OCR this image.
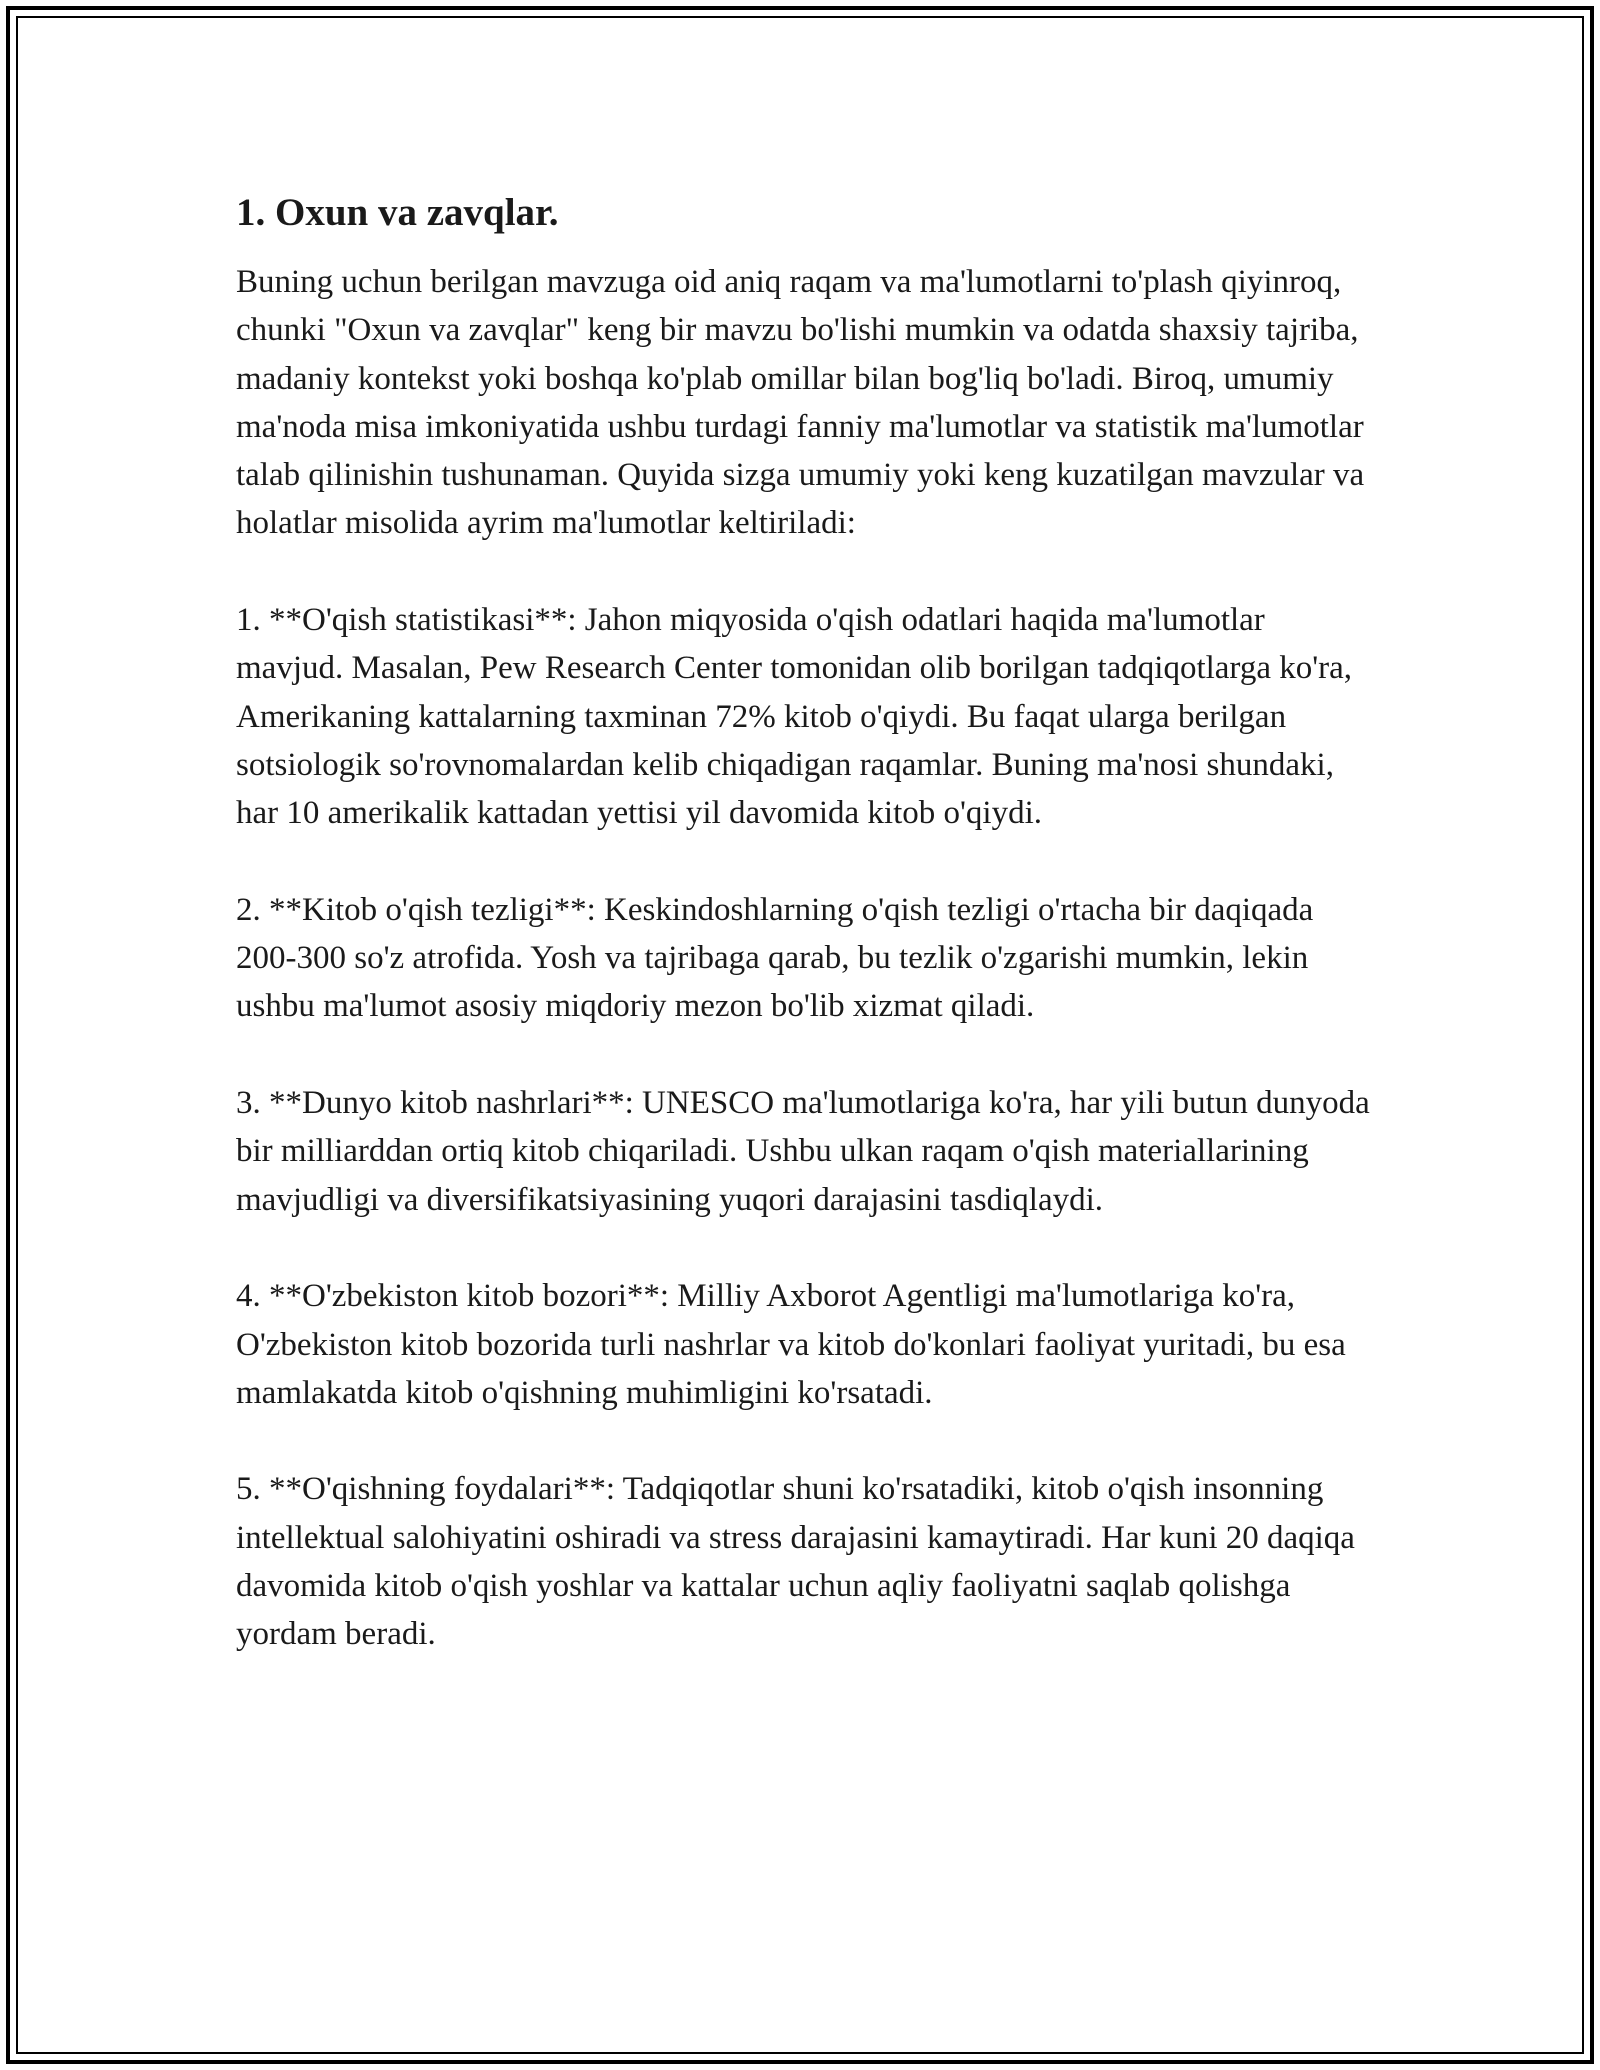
1. Oxun va zavqlar.

Buning uchun berilgan mavzuga oid aniq raqam va ma'lumotlarni to'plash qiyinroq, chunki "Oxun va zavqlar" keng bir mavzu bo'lishi mumkin va odatda shaxsiy tajriba, madaniy kontekst yoki boshqa ko'plab omillar bilan bog'liq bo'ladi. Biroq, umumiy ma'noda misa imkoniyatida ushbu turdagi fanniy ma'lumotlar va statistik ma'lumotlar talab qilinishin tushunaman. Quyida sizga umumiy yoki keng kuzatilgan mavzular va holatlar misolida ayrim ma'lumotlar keltiriladi:

1. **O'qish statistikasi**: Jahon miqyosida o'qish odatlari haqida ma'lumotlar mavjud. Masalan, Pew Research Center tomonidan olib borilgan tadqiqotlarga ko'ra, Amerikaning kattalarning taxminan 72% kitob o'qiydi. Bu faqat ularga berilgan sotsiologik so'rovnomalardan kelib chiqadigan raqamlar. Buning ma'nosi shundaki, har 10 amerikalik kattadan yettisi yil davomida kitob o'qiydi.

2. **Kitob o'qish tezligi**: Keskindoshlarning o'qish tezligi o'rtacha bir daqiqada 200-300 so'z atrofida. Yosh va tajribaga qarab, bu tezlik o'zgarishi mumkin, lekin ushbu ma'lumot asosiy miqdoriy mezon bo'lib xizmat qiladi.

3. **Dunyo kitob nashrlari**: UNESCO ma'lumotlariga ko'ra, har yili butun dunyoda bir milliarddan ortiq kitob chiqariladi. Ushbu ulkan raqam o'qish materiallarining mavjudligi va diversifikatsiyasining yuqori darajasini tasdiqlaydi.

4. **O'zbekiston kitob bozori**: Milliy Axborot Agentligi ma'lumotlariga ko'ra, O'zbekiston kitob bozorida turli nashrlar va kitob do'konlari faoliyat yuritadi, bu esa mamlakatda kitob o'qishning muhimligini ko'rsatadi.

5. **O'qishning foydalari**: Tadqiqotlar shuni ko'rsatadiki, kitob o'qish insonning intellektual salohiyatini oshiradi va stress darajasini kamaytiradi. Har kuni 20 daqiqa davomida kitob o'qish yoshlar va kattalar uchun aqliy faoliyatni saqlab qolishga yordam beradi.
